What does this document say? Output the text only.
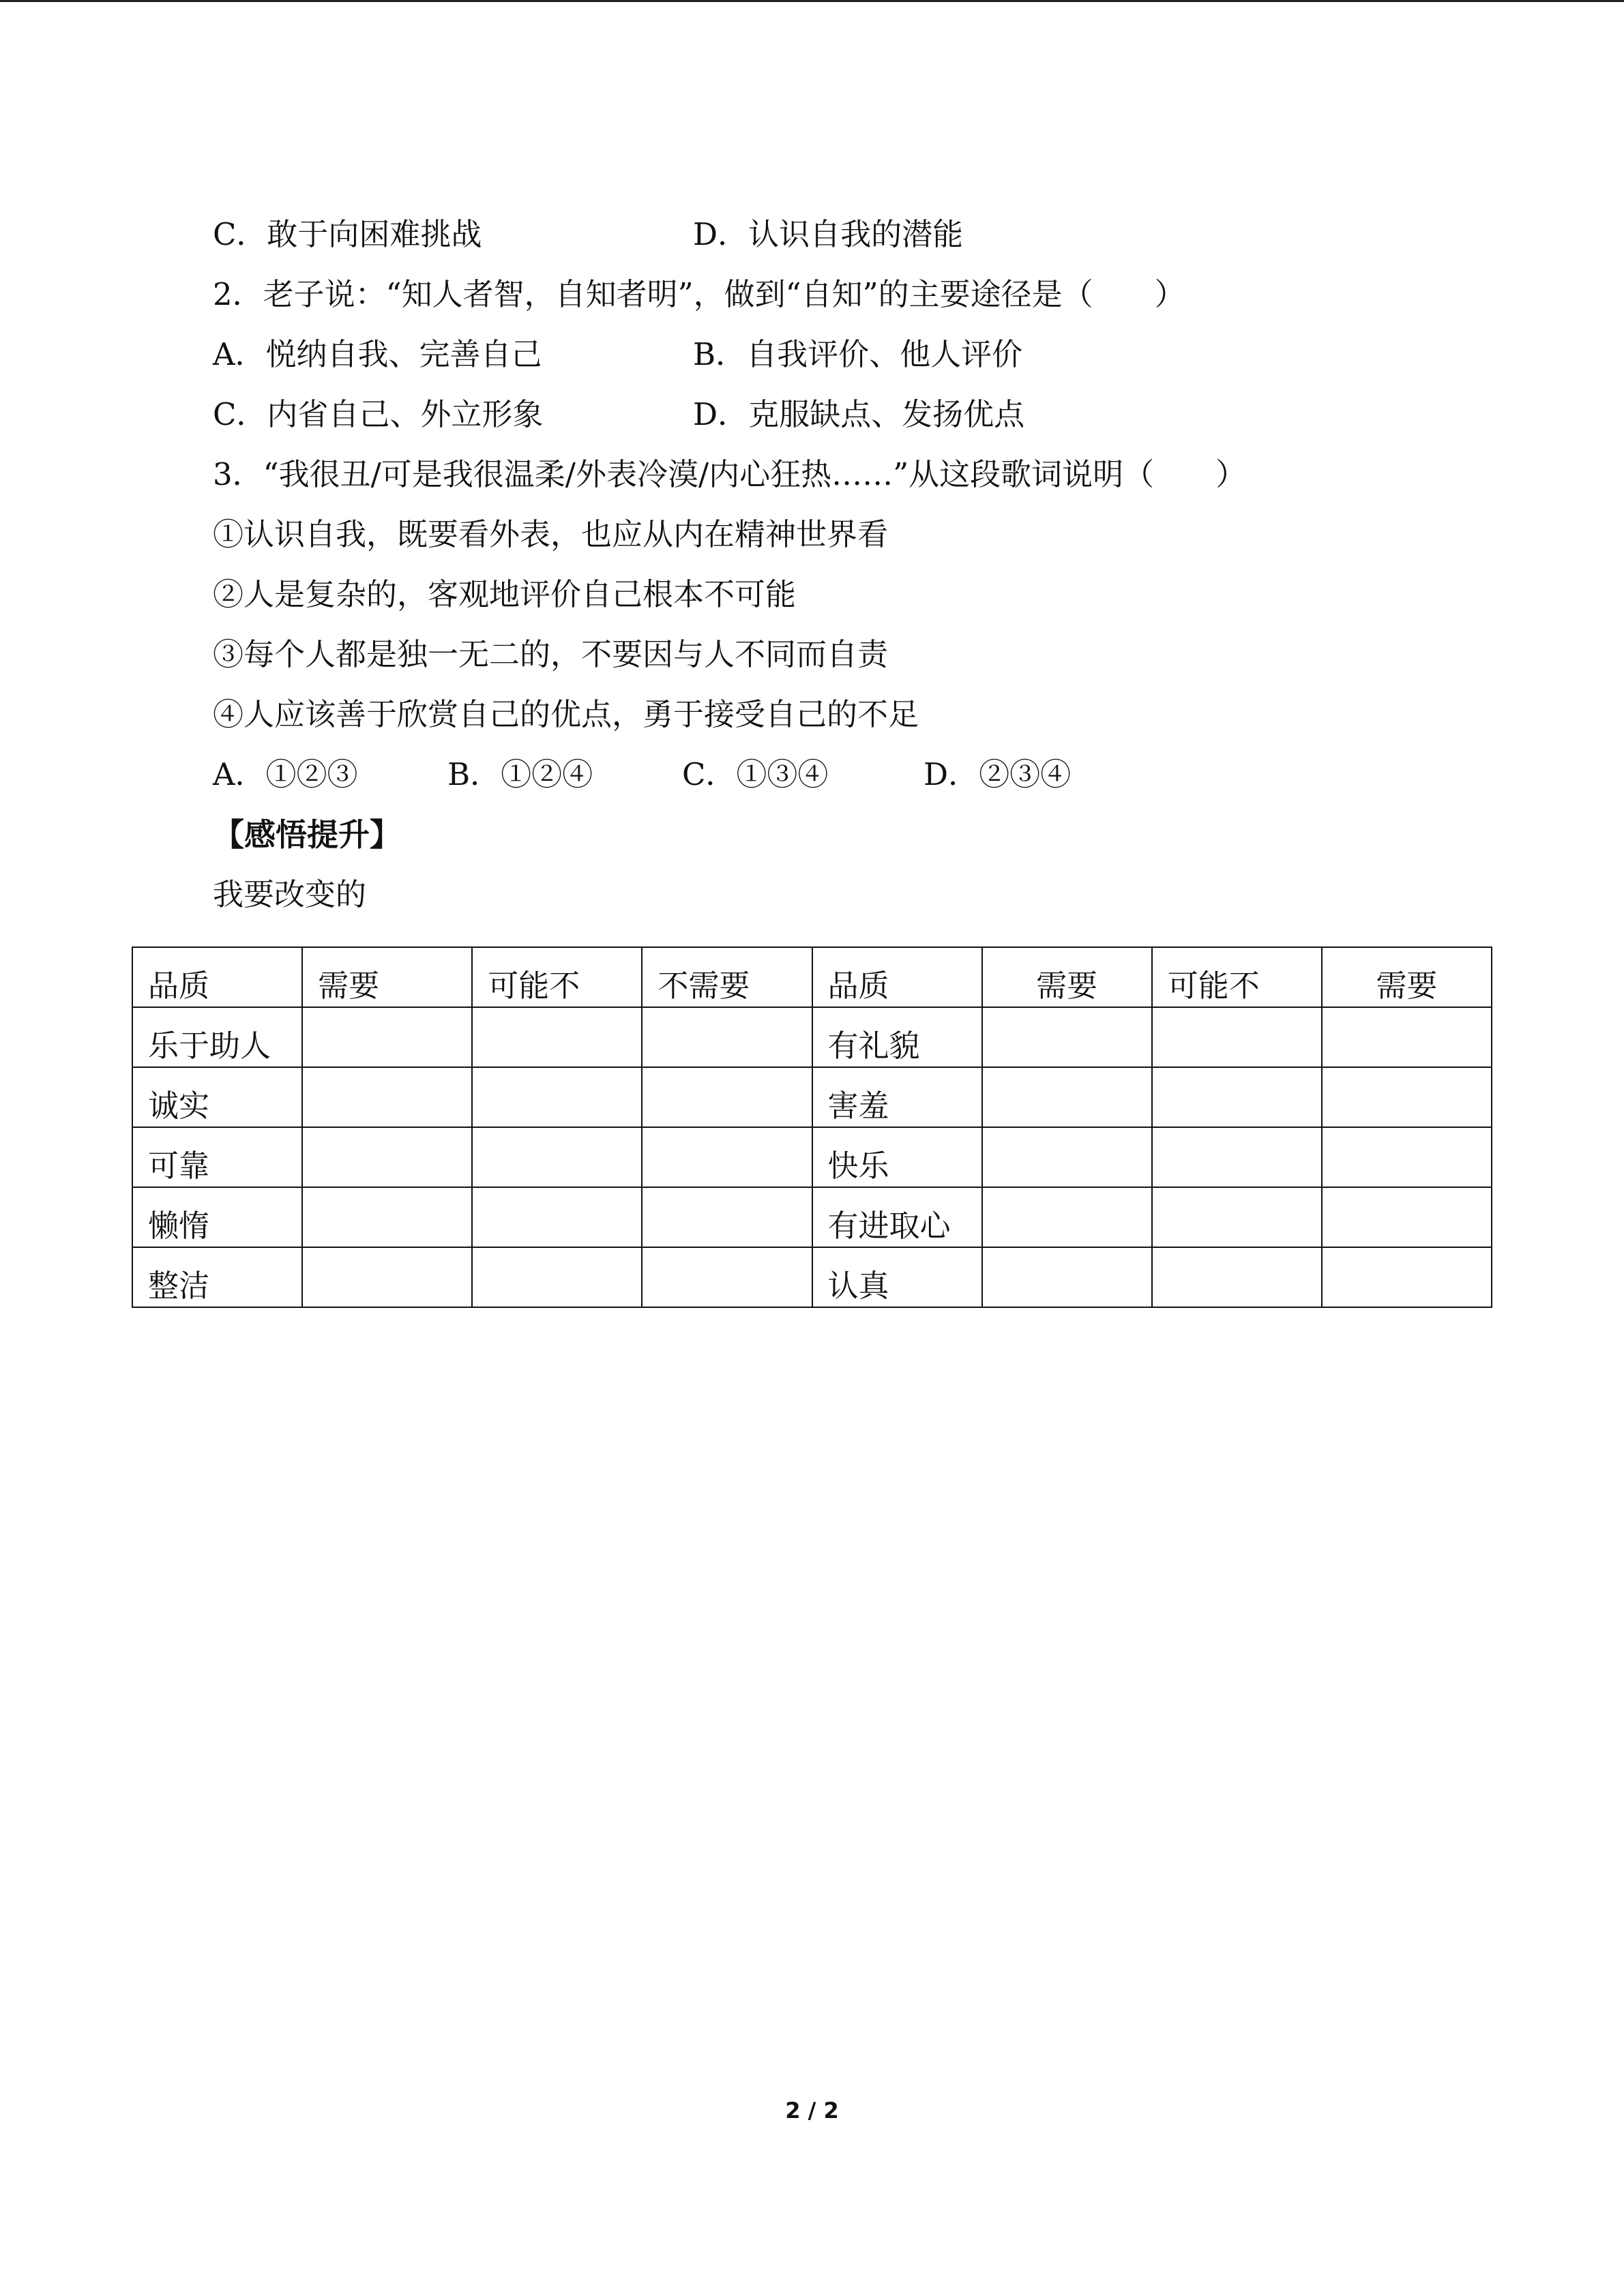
C．敢于向困难挑战	D．认识自我的潜能
2．老子说：“知人者智，自知者明”，做到“自知”的主要途径是（　　）
A．悦纳自我、完善自己	B．自我评价、他人评价
C．内省自己、外立形象	D．克服缺点、发扬优点
3．“我很丑/可是我很温柔/外表冷漠/内心狂热……”从这段歌词说明（　　）
①认识自我，既要看外表，也应从内在精神世界看
②人是复杂的，客观地评价自己根本不可能
③每个人都是独一无二的，不要因与人不同而自责
④人应该善于欣赏自己的优点，勇于接受自己的不足
A．①②③	B．①②④	C．①③④	D．②③④
【感悟提升】
我要改变的
品质	需要	可能不	不需要	品质	需要	可能不	需要
乐于助人				有礼貌			
诚实				害羞			
可靠				快乐			
懒惰				有进取心			
整洁				认真			
2 / 2
